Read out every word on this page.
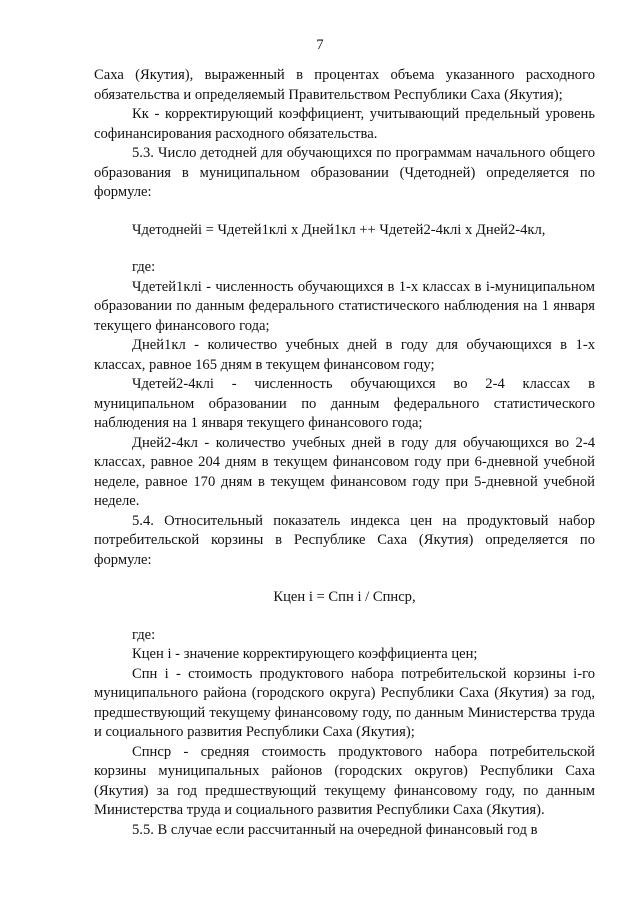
7

Саха (Якутия), выраженный в процентах объема указанного расходного обязательства и определяемый Правительством Республики Саха (Якутия);

Кк - корректирующий коэффициент, учитывающий предельный уровень софинансирования расходного обязательства.

5.3. Число детодней для обучающихся по программам начального общего образования в муниципальном образовании (Чдетодней) определяется по формуле:

Чдетоднейi = Чдетей1клi x Дней1кл ++ Чдетей2-4клi x Дней2-4кл,

где:

Чдетей1клi - численность обучающихся в 1-х классах в i-муниципальном образовании по данным федерального статистического наблюдения на 1 января текущего финансового года;

Дней1кл - количество учебных дней в году для обучающихся в 1-х классах, равное 165 дням в текущем финансовом году;

Чдетей2-4клi - численность обучающихся во 2-4 классах в муниципальном образовании по данным федерального статистического наблюдения на 1 января текущего финансового года;

Дней2-4кл - количество учебных дней в году для обучающихся во 2-4 классах, равное 204 дням в текущем финансовом году при 6-дневной учебной неделе, равное 170 дням в текущем финансовом году при 5-дневной учебной неделе.

5.4. Относительный показатель индекса цен на продуктовый набор потребительской корзины в Республике Саха (Якутия) определяется по формуле:

Кцен i = Спн i / Спнср,

где:

Кцен i - значение корректирующего коэффициента цен;

Спн i - стоимость продуктового набора потребительской корзины i-го муниципального района (городского округа) Республики Саха (Якутия) за год, предшествующий текущему финансовому году, по данным Министерства труда и социального развития Республики Саха (Якутия);

Спнср - средняя стоимость продуктового набора потребительской корзины муниципальных районов (городских округов) Республики Саха (Якутия) за год предшествующий текущему финансовому году, по данным Министерства труда и социального развития Республики Саха (Якутия).

5.5. В случае если рассчитанный на очередной финансовый год в
